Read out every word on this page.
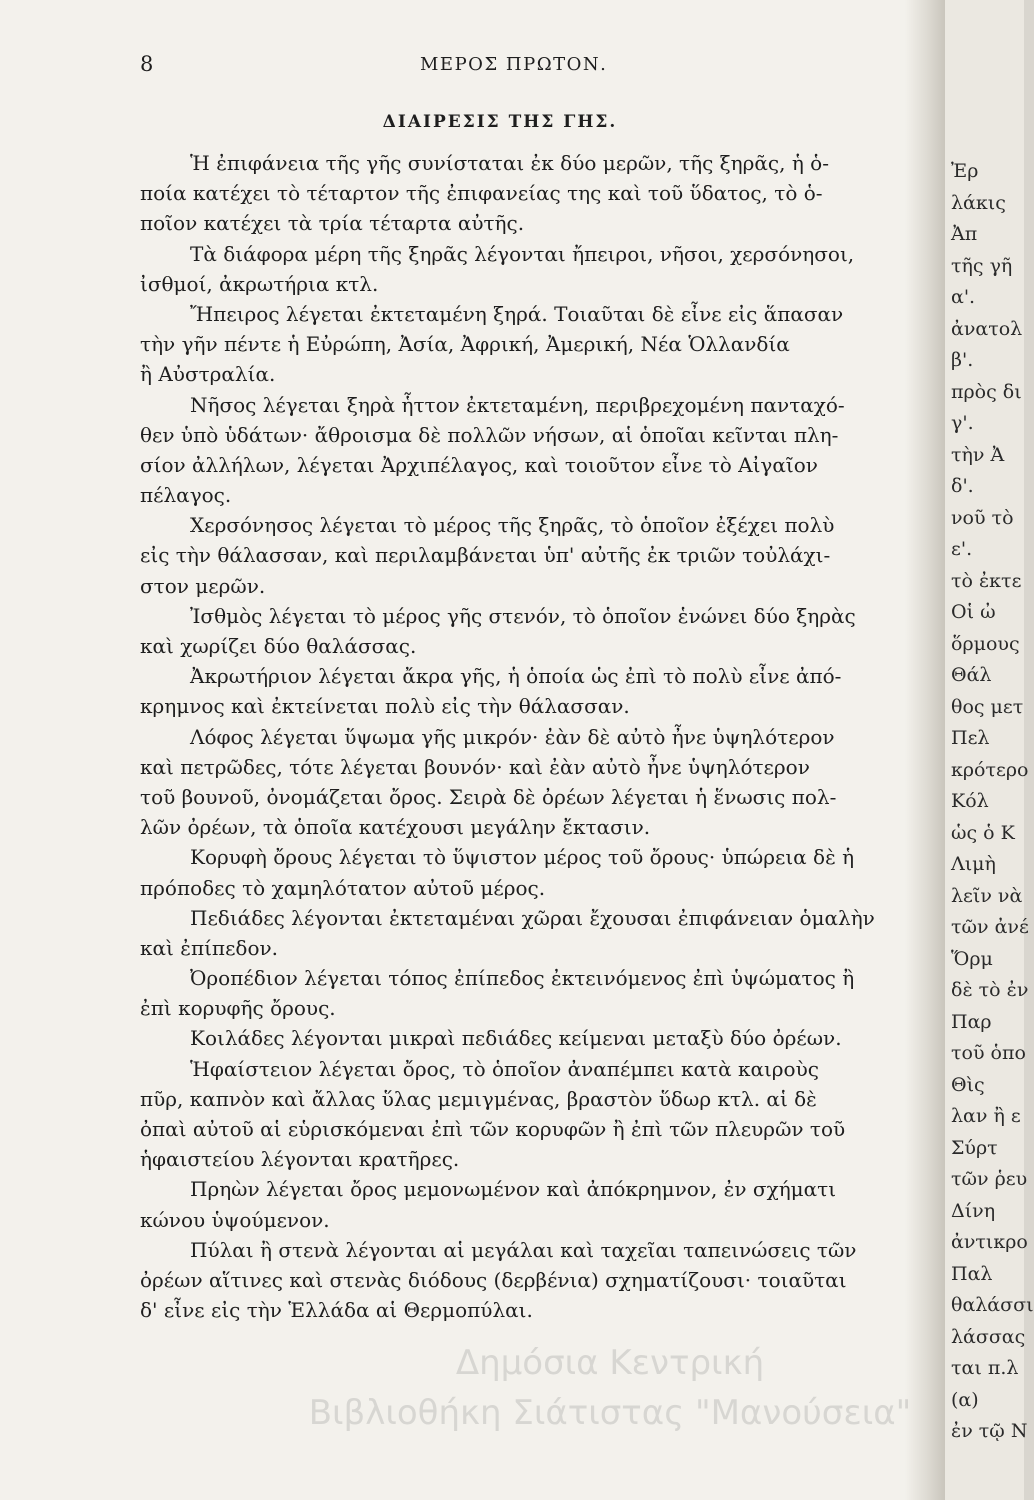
8	ΜΕΡΟΣ ΠΡΩΤΟΝ.
ΔΙΑΙΡΕΣΙΣ ΤΗΣ ΓΗΣ.
Ἡ ἐπιφάνεια τῆς γῆς συνίσταται ἐκ δύο μερῶν, τῆς ξηρᾶς, ἡ ὁ-
ποία κατέχει τὸ τέταρτον τῆς ἐπιφανείας της καὶ τοῦ ὕδατος, τὸ ὁ-
ποῖον κατέχει τὰ τρία τέταρτα αὐτῆς.
Τὰ διάφορα μέρη τῆς ξηρᾶς λέγονται ἤπειροι, νῆσοι, χερσόνησοι,
ἰσθμοί, ἀκρωτήρια κτλ.
Ἤπειρος λέγεται ἐκτεταμένη ξηρά. Τοιαῦται δὲ εἶνε εἰς ἅπασαν
τὴν γῆν πέντε ἡ Εὐρώπη, Ἀσία, Ἀφρική, Ἀμερική, Νέα Ὁλλανδία
ἢ Αὐστραλία.
Νῆσος λέγεται ξηρὰ ἧττον ἐκτεταμένη, περιβρεχομένη πανταχό-
θεν ὑπὸ ὑδάτων· ἄθροισμα δὲ πολλῶν νήσων, αἱ ὁποῖαι κεῖνται πλη-
σίον ἀλλήλων, λέγεται Ἀρχιπέλαγος, καὶ τοιοῦτον εἶνε τὸ Αἰγαῖον
πέλαγος.
Χερσόνησος λέγεται τὸ μέρος τῆς ξηρᾶς, τὸ ὁποῖον ἐξέχει πολὺ
εἰς τὴν θάλασσαν, καὶ περιλαμβάνεται ὑπ' αὐτῆς ἐκ τριῶν τοὐλάχι-
στον μερῶν.
Ἰσθμὸς λέγεται τὸ μέρος γῆς στενόν, τὸ ὁποῖον ἑνώνει δύο ξηρὰς
καὶ χωρίζει δύο θαλάσσας.
Ἀκρωτήριον λέγεται ἄκρα γῆς, ἡ ὁποία ὡς ἐπὶ τὸ πολὺ εἶνε ἀπό-
κρημνος καὶ ἐκτείνεται πολὺ εἰς τὴν θάλασσαν.
Λόφος λέγεται ὕψωμα γῆς μικρόν· ἐὰν δὲ αὐτὸ ἦνε ὑψηλότερον
καὶ πετρῶδες, τότε λέγεται βουνόν· καὶ ἐὰν αὐτὸ ἦνε ὑψηλότερον
τοῦ βουνοῦ, ὀνομάζεται ὄρος. Σειρὰ δὲ ὀρέων λέγεται ἡ ἕνωσις πολ-
λῶν ὀρέων, τὰ ὁποῖα κατέχουσι μεγάλην ἔκτασιν.
Κορυφὴ ὄρους λέγεται τὸ ὕψιστον μέρος τοῦ ὄρους· ὑπώρεια δὲ ἡ
πρόποδες τὸ χαμηλότατον αὐτοῦ μέρος.
Πεδιάδες λέγονται ἐκτεταμέναι χῶραι ἔχουσαι ἐπιφάνειαν ὁμαλὴν
καὶ ἐπίπεδον.
Ὀροπέδιον λέγεται τόπος ἐπίπεδος ἐκτεινόμενος ἐπὶ ὑψώματος ἢ
ἐπὶ κορυφῆς ὄρους.
Κοιλάδες λέγονται μικραὶ πεδιάδες κείμεναι μεταξὺ δύο ὀρέων.
Ἡφαίστειον λέγεται ὄρος, τὸ ὁποῖον ἀναπέμπει κατὰ καιροὺς
πῦρ, καπνὸν καὶ ἄλλας ὕλας μεμιγμένας, βραστὸν ὕδωρ κτλ. αἱ δὲ
ὀπαὶ αὐτοῦ αἱ εὑρισκόμεναι ἐπὶ τῶν κορυφῶν ἢ ἐπὶ τῶν πλευρῶν τοῦ
ἡφαιστείου λέγονται κρατῆρες.
Πρηὼν λέγεται ὄρος μεμονωμένον καὶ ἀπόκρημνον, ἐν σχήματι
κώνου ὑψούμενον.
Πύλαι ἢ στενὰ λέγονται αἱ μεγάλαι καὶ ταχεῖαι ταπεινώσεις τῶν
ὀρέων αἵτινες καὶ στενὰς διόδους (δερβένια) σχηματίζουσι· τοιαῦται
δ' εἶνε εἰς τὴν Ἑλλάδα αἱ Θερμοπύλαι.
Ἐρ
λάκις
Ἀπ
τῆς γῆ
α'.
ἀνατολ
β'.
πρὸς δι
γ'.
τὴν Ἀ
δ'.
νοῦ τὸ
ε'.
τὸ ἐκτε
Οἱ ὠ
ὅρμους
Θάλ
θος μετ
Πελ
κρότερο
Κόλ
ὡς ὁ Κ
Λιμὴ
λεῖν νὰ
τῶν ἀνέ
Ὅρμ
δὲ τὸ ἐν
Παρ
τοῦ ὁπο
Θὶς
λαν ἢ ε
Σύρτ
τῶν ῥευ
Δίνη
ἀντικρο
Παλ
θαλάσσι
λάσσας
ται π.λ
(α)
ἐν τῷ Ν
Δημόσια Κεντρική
Βιβλιοθήκη Σιάτιστας "Μανούσεια"
